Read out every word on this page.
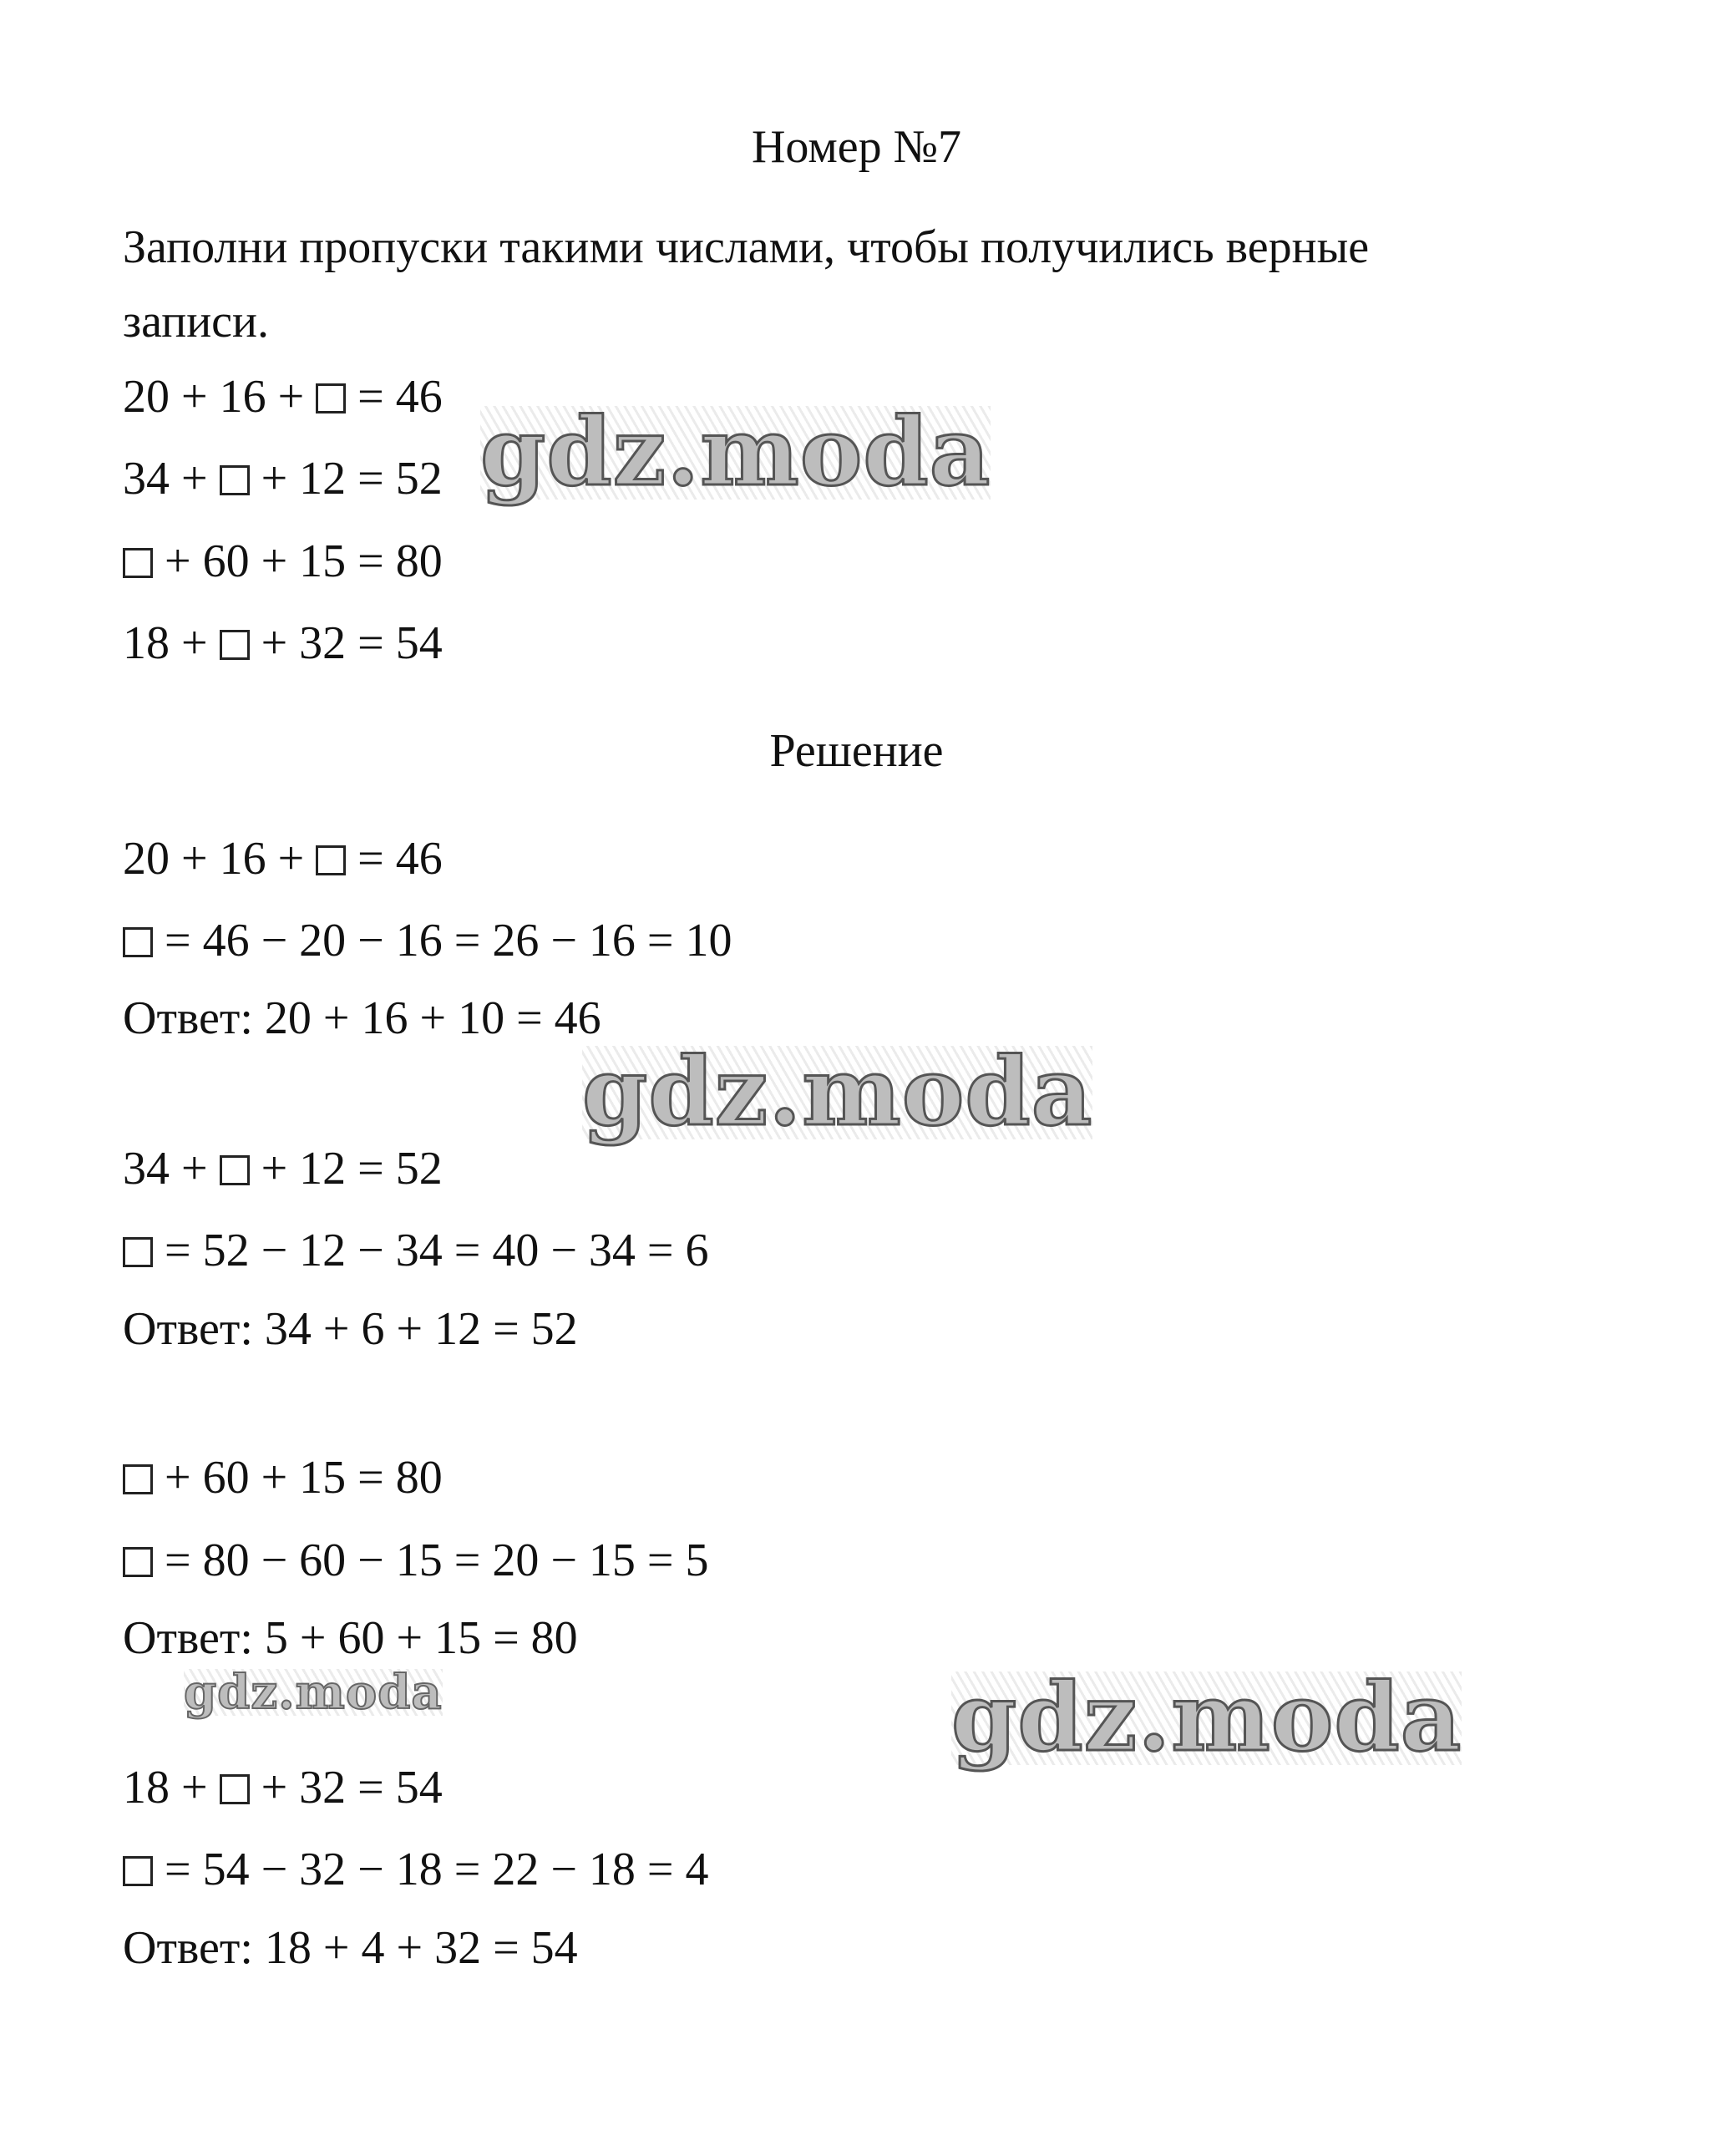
Номер №7

Заполни пропуски такими числами, чтобы получились верные

записи.

20 + 16 +  = 46
34 +  + 12 = 52
+ 60 + 15 = 80
18 +  + 32 = 54
Решение
20 + 16 +  = 46
= 46 − 20 − 16 = 26 − 16 = 10

Ответ: 20 + 16 + 10 = 46

34 +  + 12 = 52
= 52 − 12 − 34 = 40 − 34 = 6

Ответ: 34 + 6 + 12 = 52

+ 60 + 15 = 80
= 80 − 60 − 15 = 20 − 15 = 5

Ответ: 5 + 60 + 15 = 80

18 +  + 32 = 54
= 54 − 32 − 18 = 22 − 18 = 4

Ответ: 18 + 4 + 32 = 54

gdz.moda
gdz.moda
gdz.moda	gdz.moda
